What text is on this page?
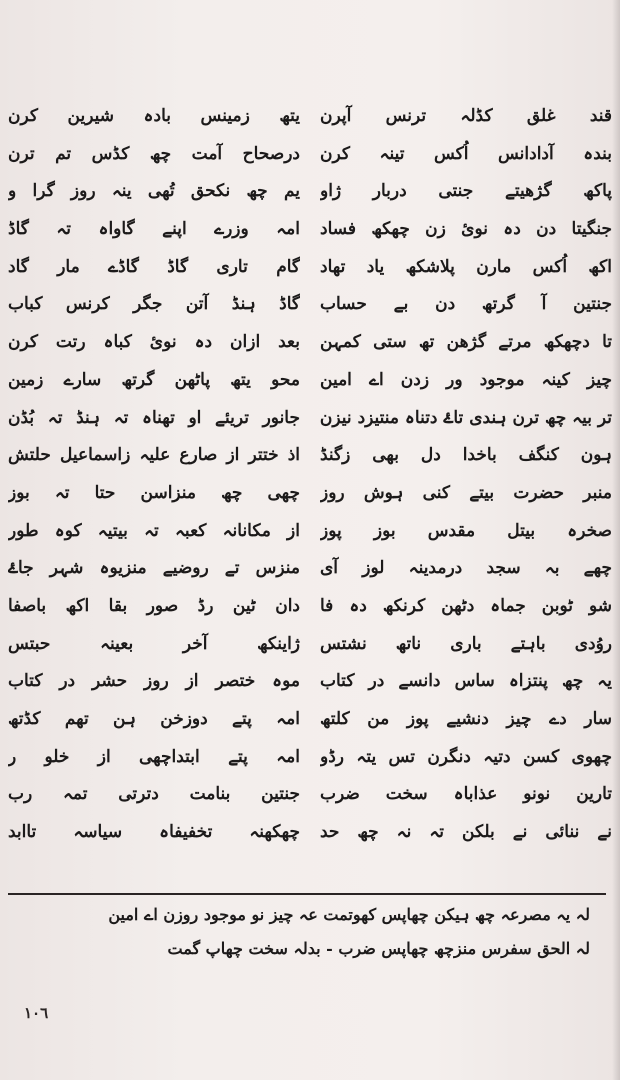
یتھ زمینس بادہ شیرین کرن
درصحاح آمت چھ کڈس تم ترن
یم چھ نکحق تُھی ینہ روز گرا و
امہ وزرے اپنے گاواہ تہ گاڈ
گام تاری گاڈ گاڈے مار گاد
گاڈ ہنڈ آتن جگر کرنس کباب
بعد ازان دہ نوئ کباہ رتت کرن
محو یتھ پاٹھن گرتھ سارے زمین
جانور تریئے او تھناہ تہ ہنڈ تہ بُڈن
اذ ختتر از صارع علیہ زاسماعیل حلتش
چھی چھ منزاسن حتا تہ بوز
از مکانانہ کعبہ تہ بیتیہ کوہ طور
منزس تے روضیے منزیوہ شہر جاۓ
دان ٹین رڈ صور بقا اکھ باصفا
ژاینکھ آخر بعینہ حبتس
موہ ختصر از روز حشر در کتاب
امہ پتے دوزخن ہن تھم کڈتھ
امہ پتے ابتداچھی از خلو ر
جنتین بنامت دترتی تمہ رب
چھکھنہ تخفیفاہ سیاسہ تاابد
قند غلق کڈلہ ترنس آپرن
بندہ آدادانس اُکس تینہ کرن
پاکھ گژھیتے جنتی دربار ژاو
جنگیتا دن دہ نوئ زن چھکھ فساد
اکھ اُکس مارن پلاشکھ یاد تھاد
جنتین آ گرتھ دن بے حساب
تا دچھکھ مرتے گژھن تھ ستی کمہن
چیز کینہ موجود ور زدن اے امین
تر بیہ چھ ترن ہندی تاۓ دتناہ منتیزد نیزن
ہون کنگف باخدا دل بھی زگنڈ
منبر حضرت بیتے کنی ہوش روز
صخرہ بیتل مقدس بوز پوز
چھے بہ سجد درمدینہ لوز آی
شو ٹوبن جماہ دٹھن کرنکھ دہ فا
روُدی باہتے باری ناتھ نشتس
یہ چھ پنتزاہ ساس دانسے در کتاب
سار دے چیز دنشیے پوز من کلتھ
چھوی کسن دتیہ دنگرن تس یتہ رڈو
تارین نونو عذاباہ سخت ضرب
نے ننائی نے بلکن تہ نہ چھ حد
لہ یہ مصرعہ چھ ہیکن چھاپس کھوتمت عہ چیز نو موجود روزن اے امین
لہ الحق سفرس منزچھ چھاپس ضرب - بدلہ سخت چھاپ گمت
١٠٦
